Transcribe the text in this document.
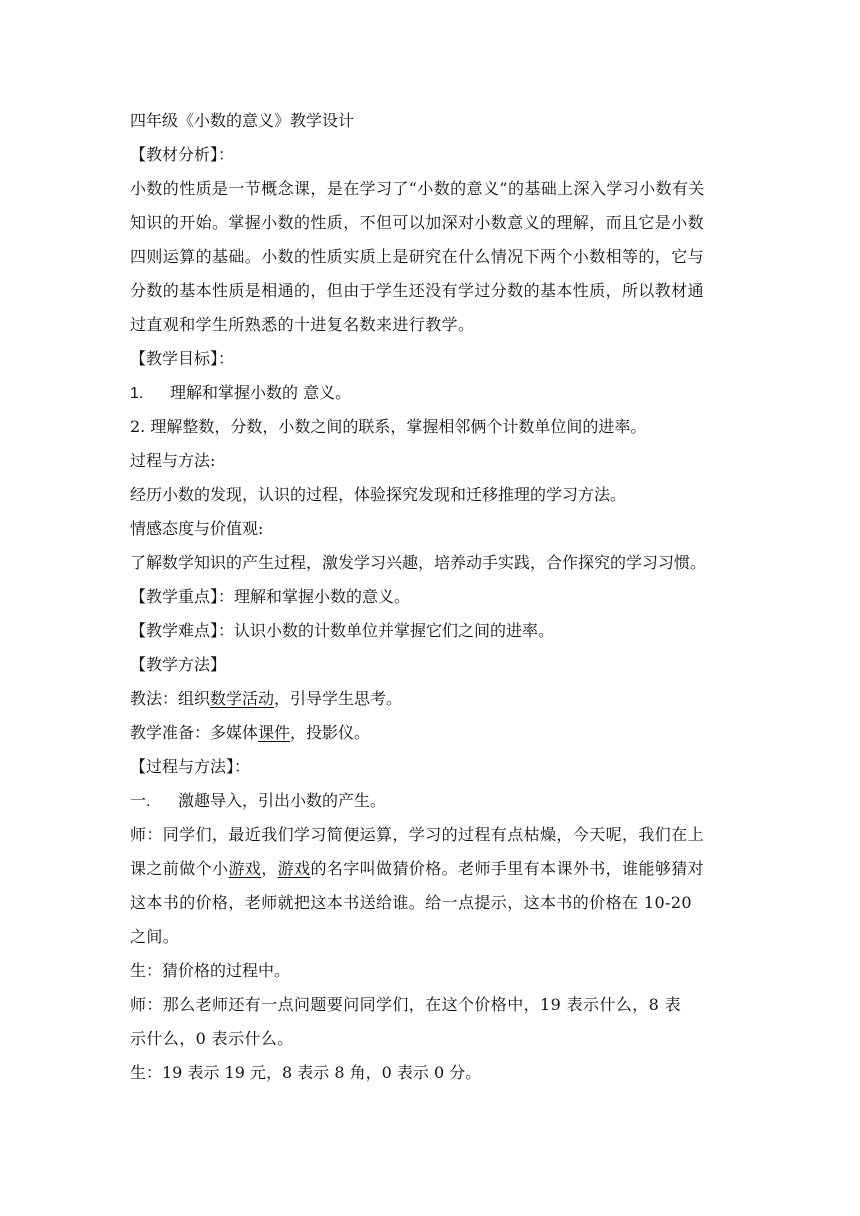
四年级《小数的意义》教学设计
【教材分析】：
小数的性质是一节概念课，是在学习了“小数的意义”的基础上深入学习小数有关
知识的开始。掌握小数的性质，不但可以加深对小数意义的理解，而且它是小数
四则运算的基础。小数的性质实质上是研究在什么情况下两个小数相等的，它与
分数的基本性质是相通的，但由于学生还没有学过分数的基本性质，所以教材通
过直观和学生所熟悉的十进复名数来进行教学。
【教学目标】：
1. 理解和掌握小数的 意义。
2. 理解整数，分数，小数之间的联系，掌握相邻俩个计数单位间的进率。
过程与方法:
经历小数的发现，认识的过程，体验探究发现和迁移推理的学习方法。
情感态度与价值观:
了解数学知识的产生过程，激发学习兴趣，培养动手实践，合作探究的学习习惯。
【教学重点】：理解和掌握小数的意义。
【教学难点】：认识小数的计数单位并掌握它们之间的进率。
【教学方法】
教法：组织数学活动，引导学生思考。
教学准备：多媒体课件，投影仪。
【过程与方法】：
一. 激趣导入，引出小数的产生。
师：同学们，最近我们学习简便运算，学习的过程有点枯燥，今天呢，我们在上
课之前做个小游戏，游戏的名字叫做猜价格。老师手里有本课外书，谁能够猜对
这本书的价格，老师就把这本书送给谁。给一点提示，这本书的价格在 10-20
之间。
生：猜价格的过程中。
师：那么老师还有一点问题要问同学们，在这个价格中，19 表示什么，8 表
示什么，0 表示什么。
生：19 表示 19 元，8 表示 8 角，0 表示 0 分。
